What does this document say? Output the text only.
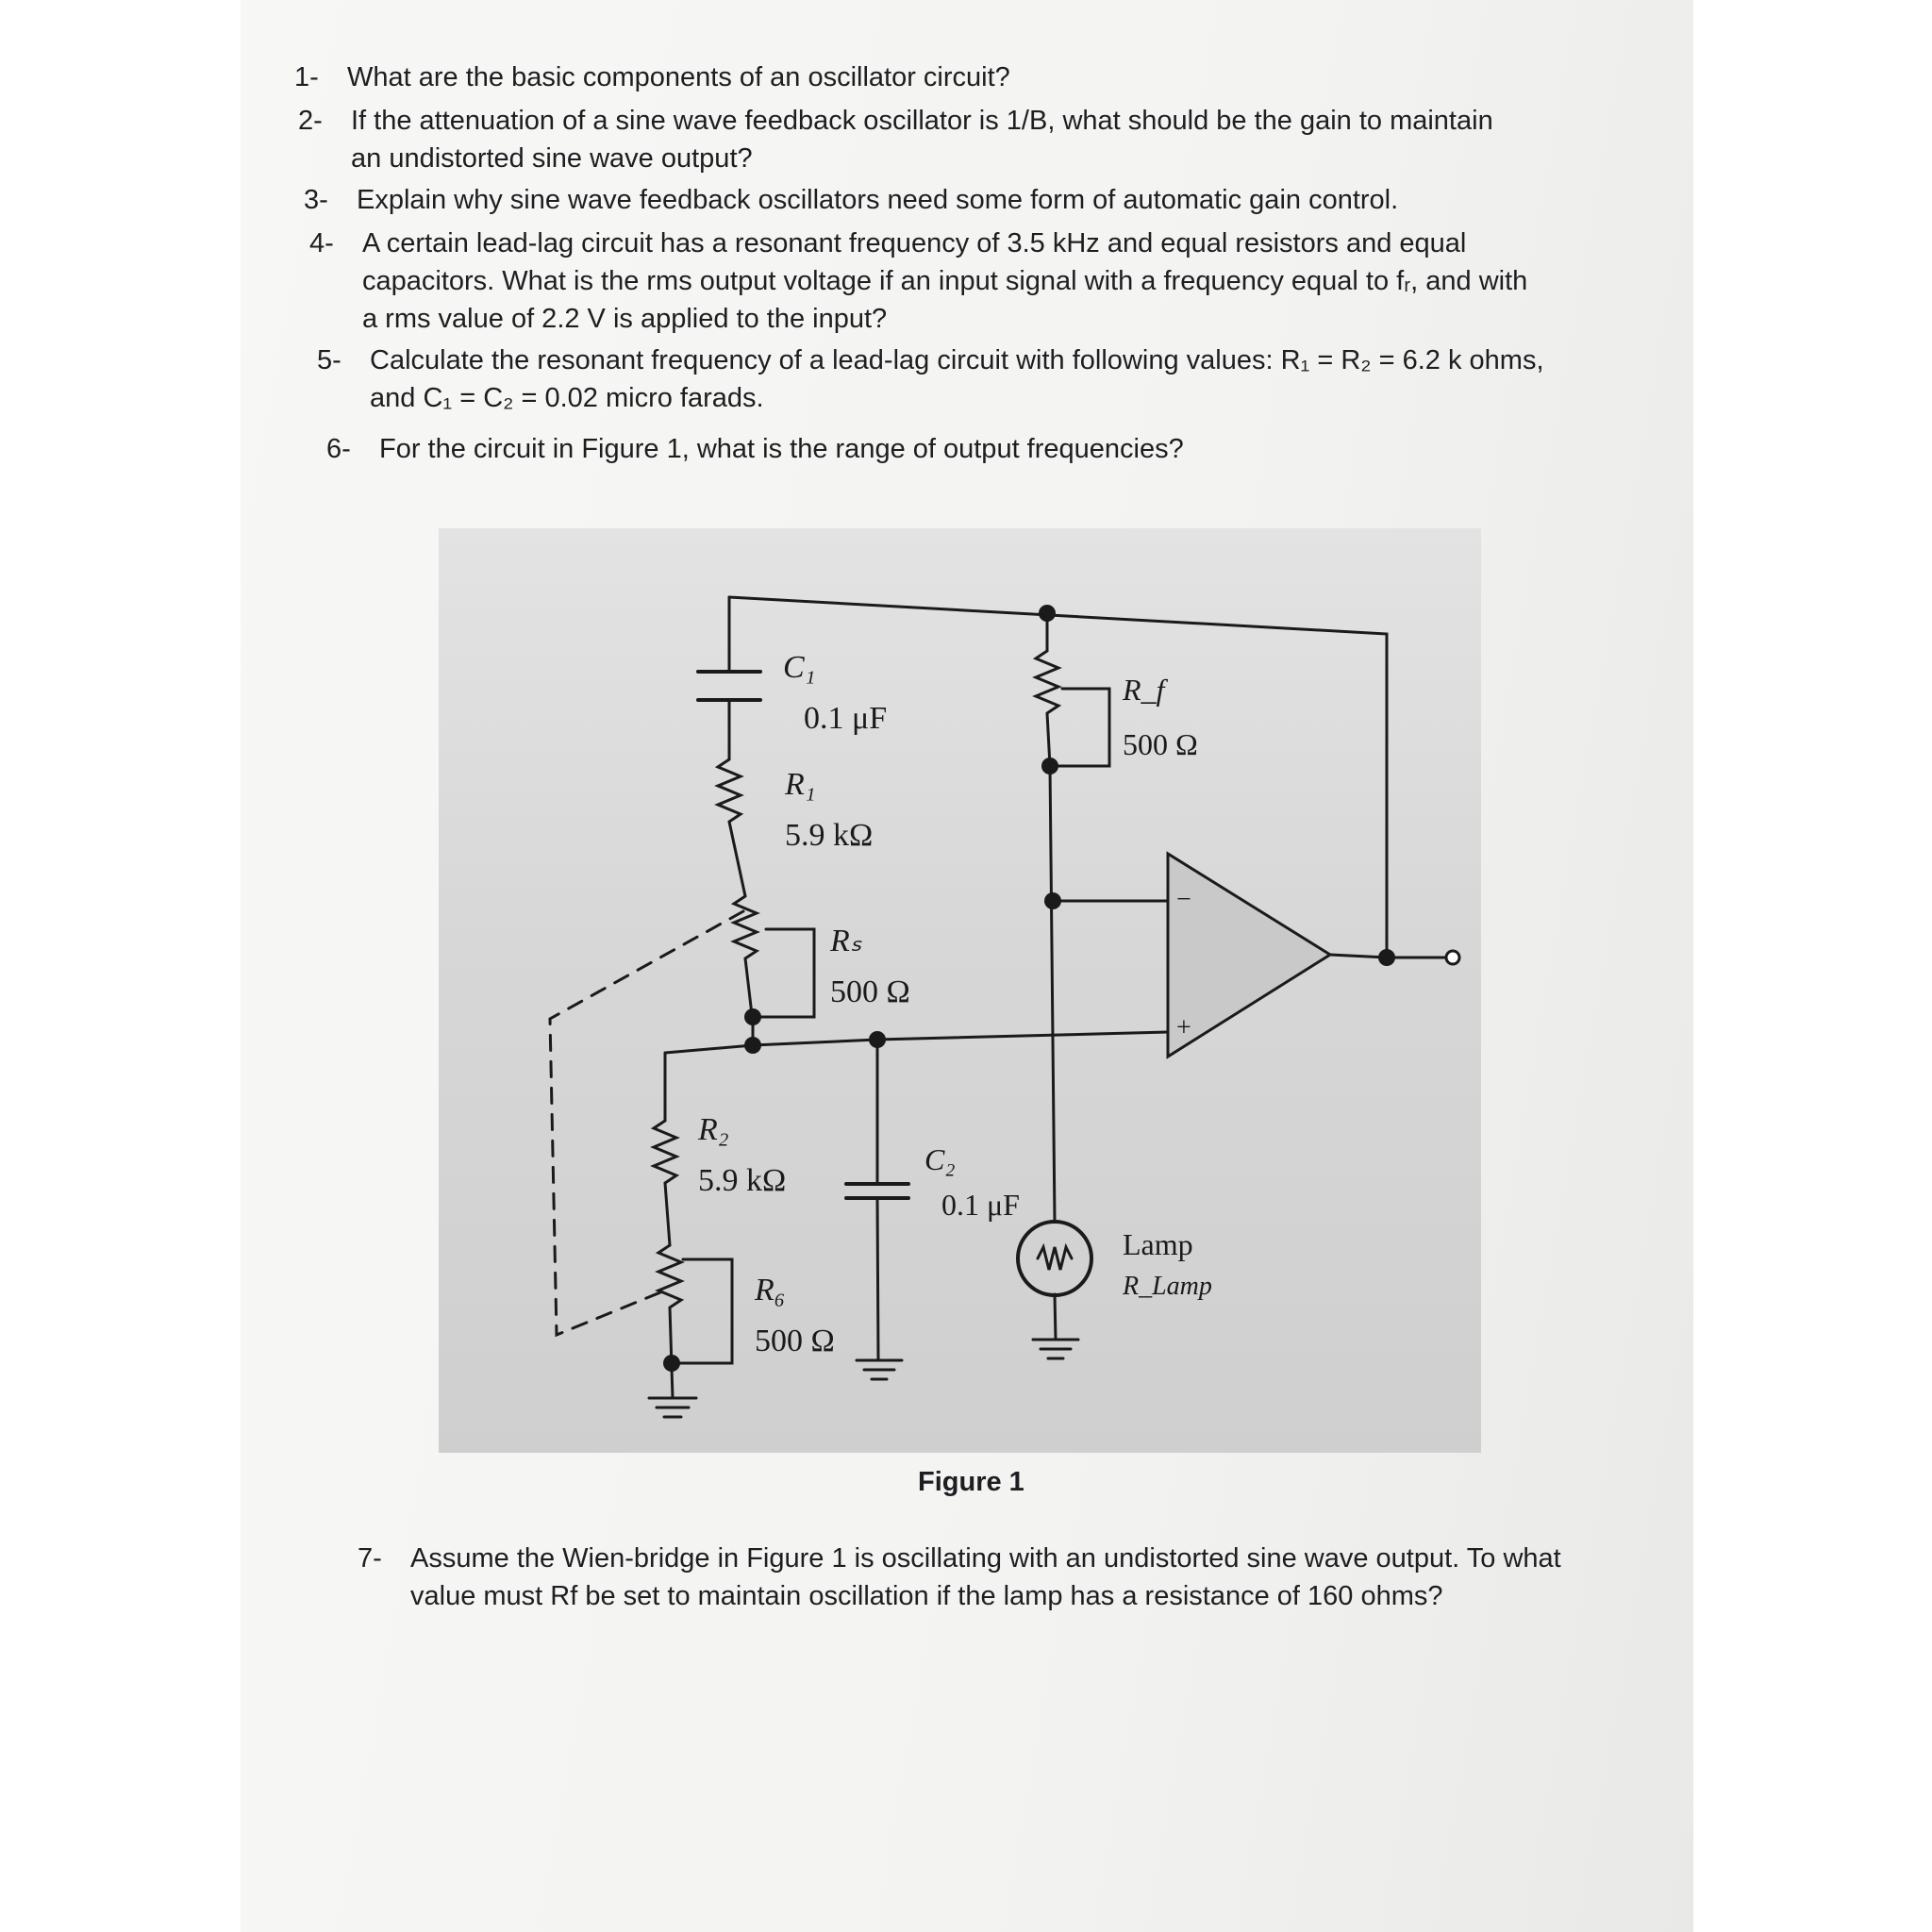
1- What are the basic components of an oscillator circuit?

2- If the attenuation of a sine wave feedback oscillator is 1/B, what should be the gain to maintain
an undistorted sine wave output?

3- Explain why sine wave feedback oscillators need some form of automatic gain control.

4- A certain lead-lag circuit has a resonant frequency of 3.5 kHz and equal resistors and equal
capacitors. What is the rms output voltage if an input signal with a frequency equal to fᵣ, and with
a rms value of 2.2 V is applied to the input?

5- Calculate the resonant frequency of a lead-lag circuit with following values: R₁ = R₂ = 6.2 k ohms,
and C₁ = C₂ = 0.02 micro farads.

6- For the circuit in Figure 1, what is the range of output frequencies?

C₁
0.1 μF
R₁
5.9 kΩ
Rₛ
500 Ω
R_f
500 Ω
R₂
5.9 kΩ
C₂
0.1 μF
R₆
500 Ω
Lamp
R_Lamp
−
+
Figure 1

7- Assume the Wien-bridge in Figure 1 is oscillating with an undistorted sine wave output. To what
value must Rf be set to maintain oscillation if the lamp has a resistance of 160 ohms?
